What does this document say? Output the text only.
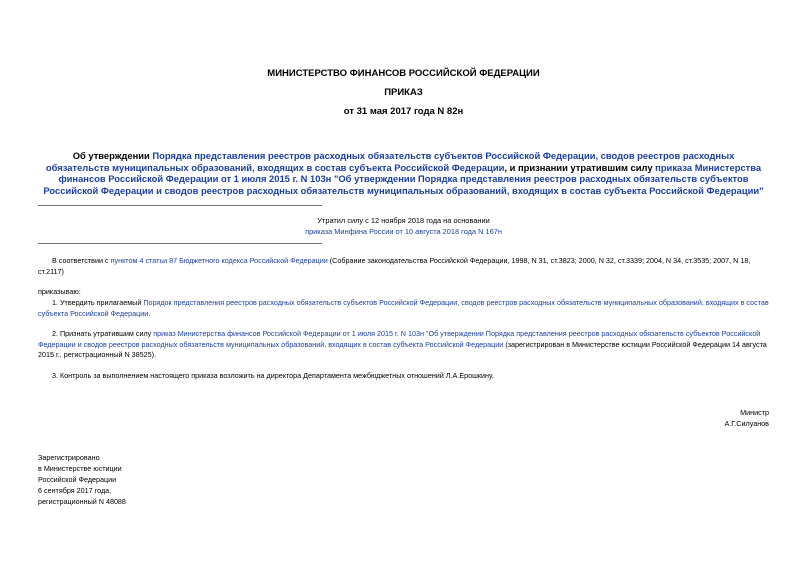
МИНИСТЕРСТВО ФИНАНСОВ РОССИЙСКОЙ ФЕДЕРАЦИИ
ПРИКАЗ
от 31 мая 2017 года N 82н
Об утверждении Порядка представления реестров расходных обязательств субъектов Российской Федерации, сводов реестров расходных обязательств муниципальных образований, входящих в состав субъекта Российской Федерации, и признании утратившим силу приказа Министерства финансов Российской Федерации от 1 июля 2015 г. N 103н "Об утверждении Порядка представления реестров расходных обязательств субъектов Российской Федерации и сводов реестров расходных обязательств муниципальных образований, входящих в состав субъекта Российской Федерации"
Утратил силу с 12 ноября 2018 года на основании
приказа Минфина России от 10 августа 2018 года N 167н
В соответствии с пунктом 4 статьи 87 Бюджетного кодекса Российской Федерации (Собрание законодательства Российской Федерации, 1998, N 31, ст.3823; 2000, N 32, ст.3339; 2004, N 34, ст.3535; 2007, N 18, ст.2117)
приказываю:
1. Утвердить прилагаемый Порядок представления реестров расходных обязательств субъектов Российской Федерации, сводов реестров расходных обязательств муниципальных образований, входящих в состав субъекта Российской Федерации.
2. Признать утратившим силу приказ Министерства финансов Российской Федерации от 1 июля 2015 г. N 103н "Об утверждении Порядка представления реестров расходных обязательств субъектов Российской Федерации и сводов реестров расходных обязательств муниципальных образований, входящих в состав субъекта Российской Федерации (зарегистрирован в Министерстве юстиции Российской Федерации 14 августа 2015 г., регистрационный N 38525).
3. Контроль за выполнением настоящего приказа возложить на директора Департамента межбюджетных отношений Л.А.Ерошкину.
Министр
А.Г.Силуанов
Зарегистрировано
в Министерстве юстиции
Российской Федерации
6 сентября 2017 года,
регистрационный N 48088
